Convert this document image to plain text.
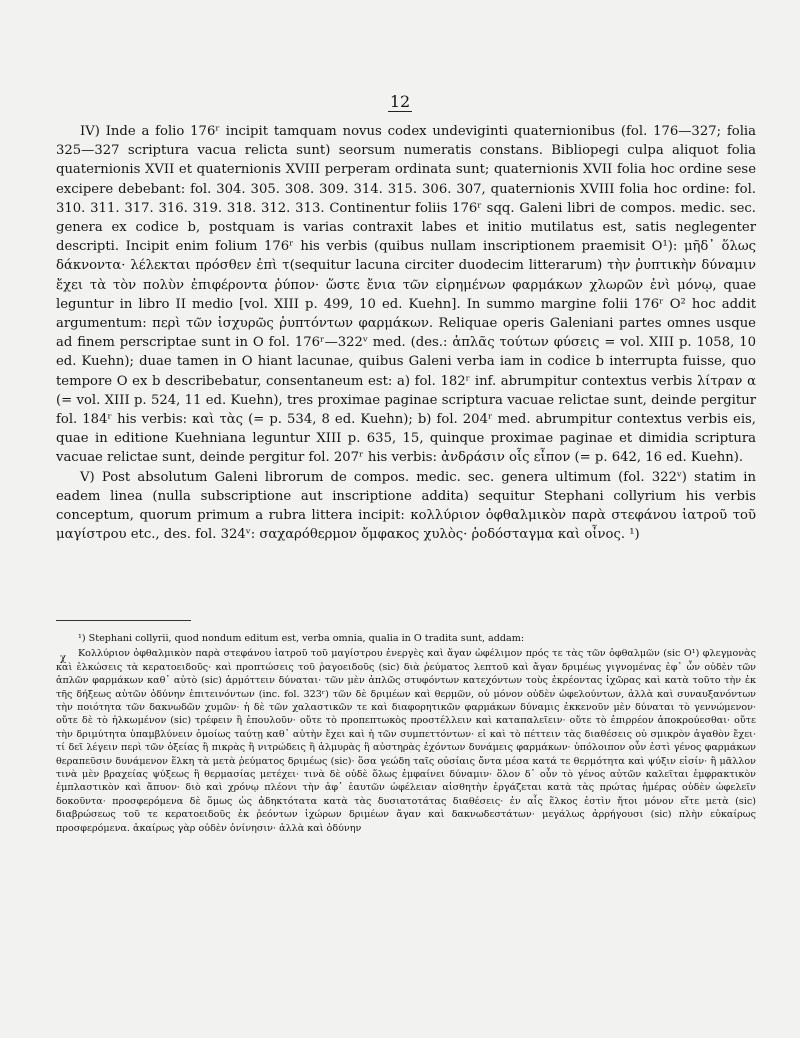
12

IV) Inde a folio 176ʳ incipit tamquam novus codex undeviginti quaternionibus (fol. 176—327; folia 325—327 scriptura vacua relicta sunt) seorsum numeratis constans. Bibliopegi culpa aliquot folia quaternionis XVII et quaternionis XVIII perperam ordinata sunt; quaternionis XVII folia hoc ordine sese excipere debebant: fol. 304. 305. 308. 309. 314. 315. 306. 307, quaternionis XVIII folia hoc ordine: fol. 310. 311. 317. 316. 319. 318. 312. 313. Continentur foliis 176ʳ sqq. Galeni libri de compos. medic. sec. genera ex codice b, postquam is varias contraxit labes et initio mutilatus est, satis neglegenter descripti. Incipit enim folium 176ʳ his verbis (quibus nullam inscriptionem praemisit O¹): μῆδ᾽ ὅλως δάκνοντα· λέλεκται πρόσθεν ἐπὶ τ(sequitur lacuna circiter duodecim litterarum) τὴν ῥυπτικὴν δύναμιν ἔχει τὰ τὸν πολὺν ἐπιφέροντα ῥύπον· ὥστε ἔνια τῶν εἰρημένων φαρμάκων χλωρῶν ἐνὶ μόνῳ, quae leguntur in libro II medio [vol. XIII p. 499, 10 ed. Kuehn]. In summo margine folii 176ʳ O² hoc addit argumentum: περὶ τῶν ἰσχυρῶς ῥυπτόντων φαρμάκων. Reliquae operis Galeniani partes omnes usque ad finem perscriptae sunt in O fol. 176ʳ—322ᵛ med. (des.: ἁπλᾶς τούτων φύσεις = vol. XIII p. 1058, 10 ed. Kuehn); duae tamen in O hiant lacunae, quibus Galeni verba iam in codice b interrupta fuisse, quo tempore O ex b describebatur, consentaneum est: a) fol. 182ʳ inf. abrumpitur contextus verbis λίτραν α (= vol. XIII p. 524, 11 ed. Kuehn), tres proximae paginae scriptura vacuae relictae sunt, deinde pergitur fol. 184ʳ his verbis: καὶ τὰς (= p. 534, 8 ed. Kuehn); b) fol. 204ʳ med. abrumpitur contextus verbis eis, quae in editione Kuehniana leguntur XIII p. 635, 15, quinque proximae paginae et dimidia scriptura vacuae relictae sunt, deinde pergitur fol. 207ʳ his verbis: ἀνδράσιν οἷς εἶπον (= p. 642, 16 ed. Kuehn).

V) Post absolutum Galeni librorum de compos. medic. sec. genera ultimum (fol. 322ᵛ) statim in eadem linea (nulla subscriptione aut inscriptione addita) sequitur Stephani collyrium his verbis conceptum, quorum primum a rubra littera incipit: κολλύριον ὀφθαλμικὸν παρὰ στεφάνου ἰατροῦ τοῦ μαγίστρου etc., des. fol. 324ᵛ: σαχαρόθερμον ὄμφακος χυλὸς· ῥοδόσταγμα καὶ οἶνος. ¹)

χ

¹) Stephani collyrii, quod nondum editum est, verba omnia, qualia in O tradita sunt, addam:

Κολλύριον ὀφθαλμικὸν παρὰ στεφάνου ἰατροῦ τοῦ μαγίστρου ἐνεργὲς καὶ ἄγαν ὠφέλιμον πρός τε τὰς τῶν ὀφθαλμῶν (sic O¹) φλεγμονὰς καὶ ἑλκώσεις τὰ κερατοειδοῦς· καὶ προπτώσεις τοῦ ῥαγοειδοῦς (sic) διὰ ῥεύματος λεπτοῦ καὶ ἄγαν δριμέως γιγνομένας ἐφ᾽ ὧν οὐδὲν τῶν ἁπλῶν φαρμάκων καθ᾽ αὑτὸ (sic) ἁρμόττειν δύναται· τῶν μὲν ἁπλῶς στυφόντων κατεχόντων τοὺς ἐκρέοντας ἰχῶρας καὶ κατὰ τοῦτο τὴν ἐκ τῆς δήξεως αὐτῶν ὀδύνην ἐπιτεινόντων (inc. fol. 323ʳ) τῶν δὲ δριμέων καὶ θερμῶν, οὐ μόνον οὐδὲν ὠφελούντων, ἀλλὰ καὶ συναυξανόντων τὴν ποιότητα τῶν δακνωδῶν χυμῶν· ἡ δὲ τῶν χαλαστικῶν τε καὶ διαφορητικῶν φαρμάκων δύναμις ἐκκενοῦν μὲν δύναται τὸ γεννώμενον· οὔτε δὲ τὸ ἠλκωμένον (sic) τρέφειν ἢ ἐπουλοῦν· οὔτε τὸ προπεπτωκὸς προστέλλειν καὶ καταπαλεῖειν· οὔτε τὸ ἐπιρρέον ἀποκρούεσθαι· οὔτε τὴν δριμύτητα ὑπαμβλύνειν ὁμοίως ταύτῃ καθ᾽ αὑτὴν ἔχει καὶ ἡ τῶν συμπεττόντων· εἰ καὶ τὸ πέττειν τὰς διαθέσεις οὐ σμικρὸν ἀγαθὸν ἔχει· τί δεῖ λέγειν περὶ τῶν ὀξείας ἢ πικρὰς ἢ νιτρώδεις ἢ ἁλμυρὰς ἢ αὐστηρὰς ἐχόντων δυνάμεις φαρμάκων· ὑπόλοιπον οὖν ἐστὶ γένος φαρμάκων θεραπεῦσιν δυνάμενον ἕλκη τὰ μετὰ ῥεύματος δριμέως (sic)· ὅσα γεώδη ταῖς οὐσίαις ὄντα μέσα κατά τε θερμότητα καὶ ψύξιν εἰσίν· ἢ μᾶλλον τινὰ μὲν βραχείας ψύξεως ἢ θερμασίας μετέχει· τινὰ δὲ οὐδὲ ὅλως ἐμφαίνει δύναμιν· ὅλον δ᾽ οὖν τὸ γένος αὐτῶν καλεῖται ἐμφρακτικὸν ἐμπλαστικὸν καὶ ἄπυον· διὸ καὶ χρόνῳ πλέονι τὴν ἀφ᾽ ἑαυτῶν ὠφέλειαν αἰσθητὴν ἐργάζεται κατὰ τὰς πρώτας ἡμέρας οὐδὲν ὠφελεῖν δοκοῦντα· προσφερόμενα δὲ ὅμως ὡς ἀδηκτότατα κατὰ τὰς δυσιατοτάτας διαθέσεις· ἐν αἷς ἕλκος ἐστὶν ἤτοι μόνον εἴτε μετὰ (sic) διαβρώσεως τοῦ τε κερατοειδοῦς ἐκ ῥεόντων ἰχώρων δριμέων ἄγαν καὶ δακνωδεστάτων· μεγάλως ἀρρήγουσι (sic) πλὴν εὐκαίρως προσφερόμενα. ἀκαίρως γὰρ οὐδὲν ὀνίνησιν· ἀλλὰ καὶ ὀδύνην
